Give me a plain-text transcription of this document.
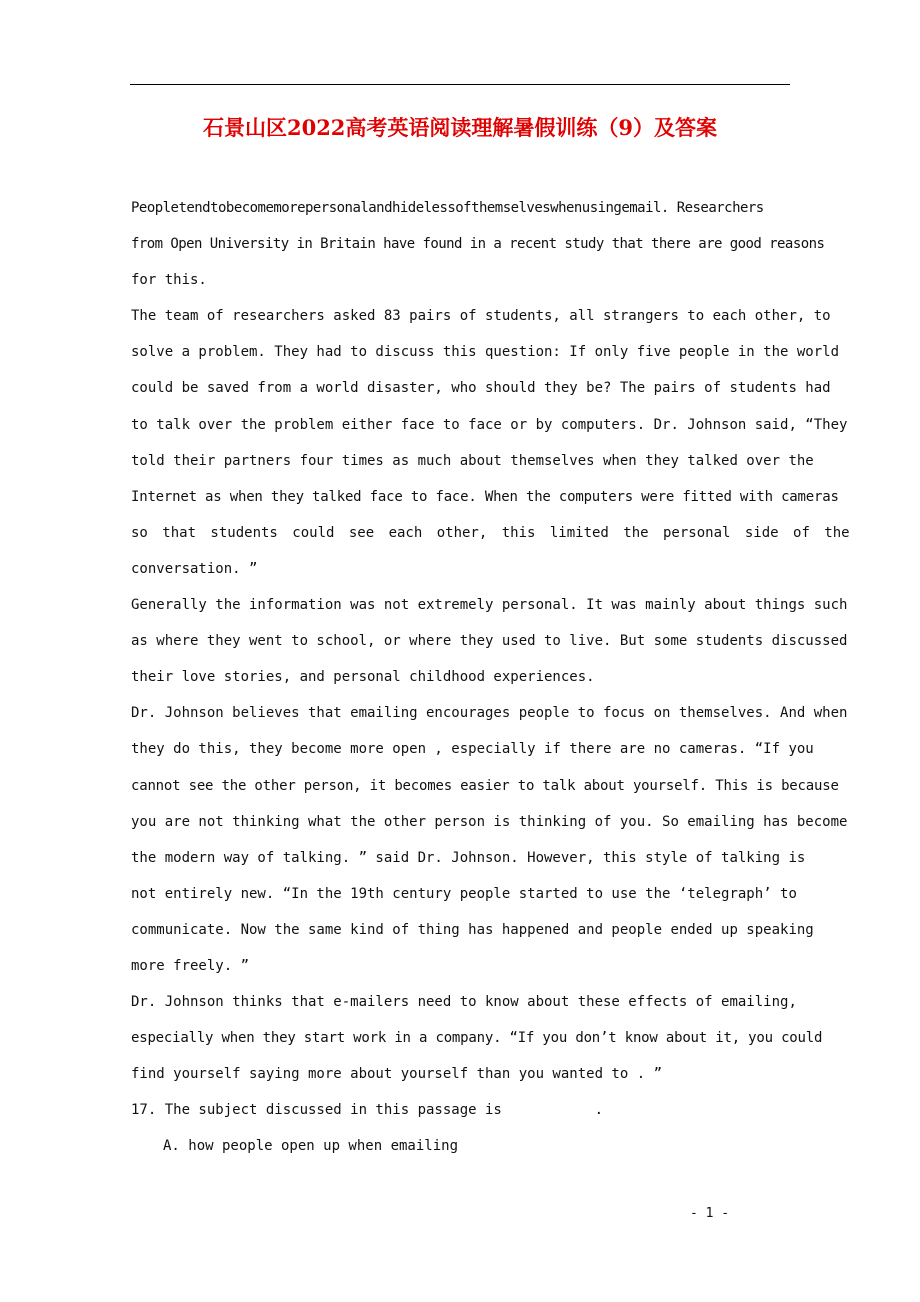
石景山区2022高考英语阅读理解暑假训练（9）及答案
Peopletendtobecomemorepersonalandhidelessofthemselveswhenusingemail. Researchers
from Open University in Britain have found in a recent study that there are good reasons
for this.
The team of researchers asked 83 pairs of students, all strangers to each other, to
solve a problem. They had to discuss this question: If only five people in the world
could be saved from a world disaster, who should they be? The pairs of students had
to talk over the problem either face to face or by computers. Dr. Johnson said, “They
told their partners four times as much about themselves when they talked over the
Internet as when they talked face to face. When the computers were fitted with cameras
so that students could see each other, this limited the personal side of the
conversation. ”
Generally the information was not extremely personal. It was mainly about things such
as where they went to school, or where they used to live. But some students discussed
their love stories, and personal childhood experiences.
Dr. Johnson believes that emailing encourages people to focus on themselves. And when
they do this, they become more open , especially if there are no cameras. “If you
cannot see the other person, it becomes easier to talk about yourself. This is because
you are not thinking what the other person is thinking of you. So emailing has become
the modern way of talking. ” said Dr. Johnson. However, this style of talking is
not entirely new. “In the 19th century people started to use the ‘telegraph’ to
communicate. Now the same kind of thing has happened and people ended up speaking
more freely. ”
Dr. Johnson thinks that e-mailers need to know about these effects of emailing,
especially when they start work in a company. “If you don’t know about it, you could
find yourself saying more about yourself than you wanted to . ”
17. The subject discussed in this passage is           .
A. how people open up when emailing
- 1 -
